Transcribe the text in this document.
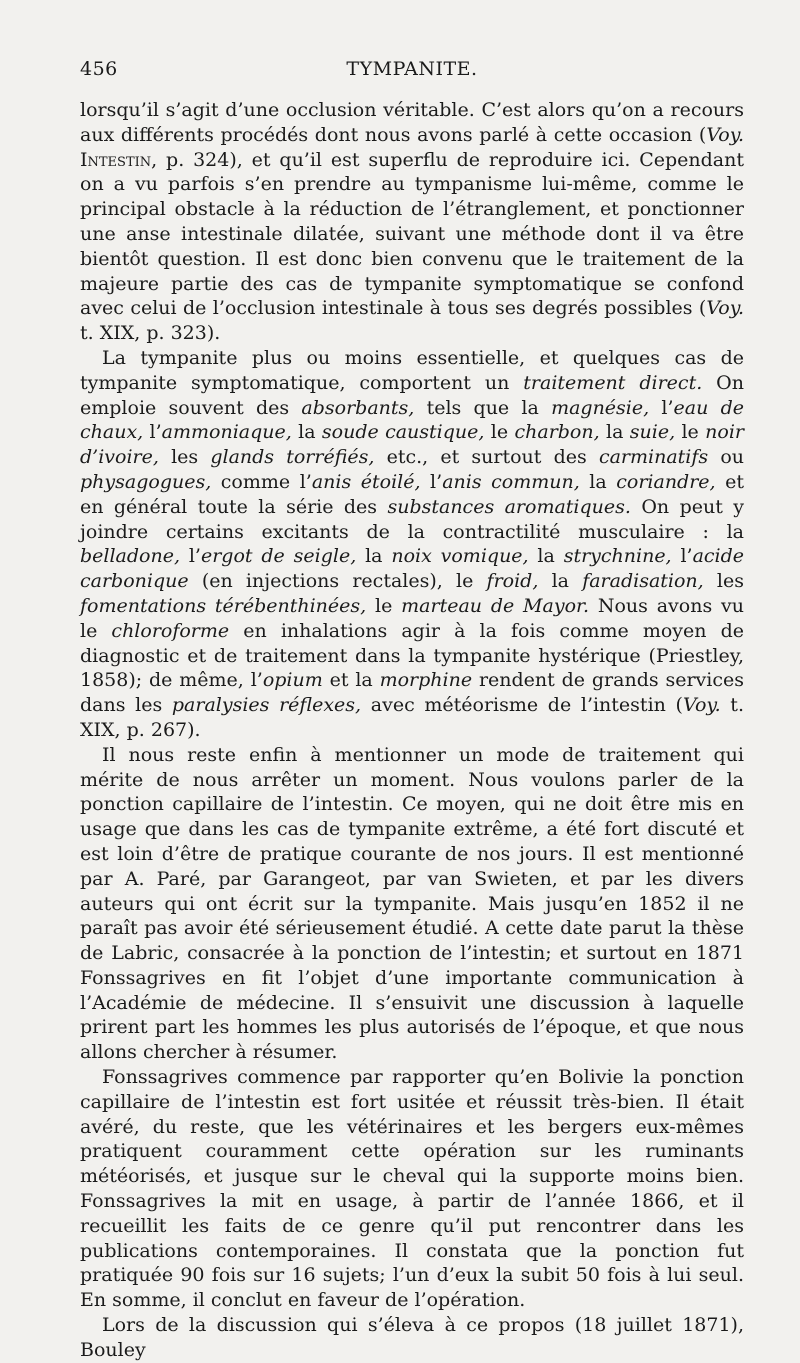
456	TYMPANITE.

lorsqu’il s’agit d’une occlusion véritable. C’est alors qu’on a recours aux différents procédés dont nous avons parlé à cette occasion (Voy. Intestin, p. 324), et qu’il est superflu de reproduire ici. Cependant on a vu parfois s’en prendre au tympanisme lui-même, comme le principal obstacle à la réduction de l’étranglement, et ponctionner une anse intestinale dilatée, suivant une méthode dont il va être bientôt question. Il est donc bien convenu que le traitement de la majeure partie des cas de tympanite symptomatique se confond avec celui de l’occlusion intestinale à tous ses degrés possibles (Voy. t. XIX, p. 323).

La tympanite plus ou moins essentielle, et quelques cas de tympanite symptomatique, comportent un traitement direct. On emploie souvent des absorbants, tels que la magnésie, l’eau de chaux, l’ammoniaque, la soude caustique, le charbon, la suie, le noir d’ivoire, les glands torréfiés, etc., et surtout des carminatifs ou physagogues, comme l’anis étoilé, l’anis commun, la coriandre, et en général toute la série des substances aromatiques. On peut y joindre certains excitants de la contractilité musculaire : la belladone, l’ergot de seigle, la noix vomique, la strychnine, l’acide carbonique (en injections rectales), le froid, la faradisation, les fomentations térébenthinées, le marteau de Mayor. Nous avons vu le chloroforme en inhalations agir à la fois comme moyen de diagnostic et de traitement dans la tympanite hystérique (Priestley, 1858); de même, l’opium et la morphine rendent de grands services dans les paralysies réflexes, avec météorisme de l’intestin (Voy. t. XIX, p. 267).

Il nous reste enfin à mentionner un mode de traitement qui mérite de nous arrêter un moment. Nous voulons parler de la ponction capillaire de l’intestin. Ce moyen, qui ne doit être mis en usage que dans les cas de tympanite extrême, a été fort discuté et est loin d’être de pratique courante de nos jours. Il est mentionné par A. Paré, par Garangeot, par van Swieten, et par les divers auteurs qui ont écrit sur la tympanite. Mais jusqu’en 1852 il ne paraît pas avoir été sérieusement étudié. A cette date parut la thèse de Labric, consacrée à la ponction de l’intestin; et surtout en 1871 Fonssagrives en fit l’objet d’une importante communication à l’Académie de médecine. Il s’ensuivit une discussion à laquelle prirent part les hommes les plus autorisés de l’époque, et que nous allons chercher à résumer.

Fonssagrives commence par rapporter qu’en Bolivie la ponction capillaire de l’intestin est fort usitée et réussit très-bien. Il était avéré, du reste, que les vétérinaires et les bergers eux-mêmes pratiquent couramment cette opération sur les ruminants météorisés, et jusque sur le cheval qui la supporte moins bien. Fonssagrives la mit en usage, à partir de l’année 1866, et il recueillit les faits de ce genre qu’il put rencontrer dans les publications contemporaines. Il constata que la ponction fut pratiquée 90 fois sur 16 sujets; l’un d’eux la subit 50 fois à lui seul. En somme, il conclut en faveur de l’opération.

Lors de la discussion qui s’éleva à ce propos (18 juillet 1871), Bouley
